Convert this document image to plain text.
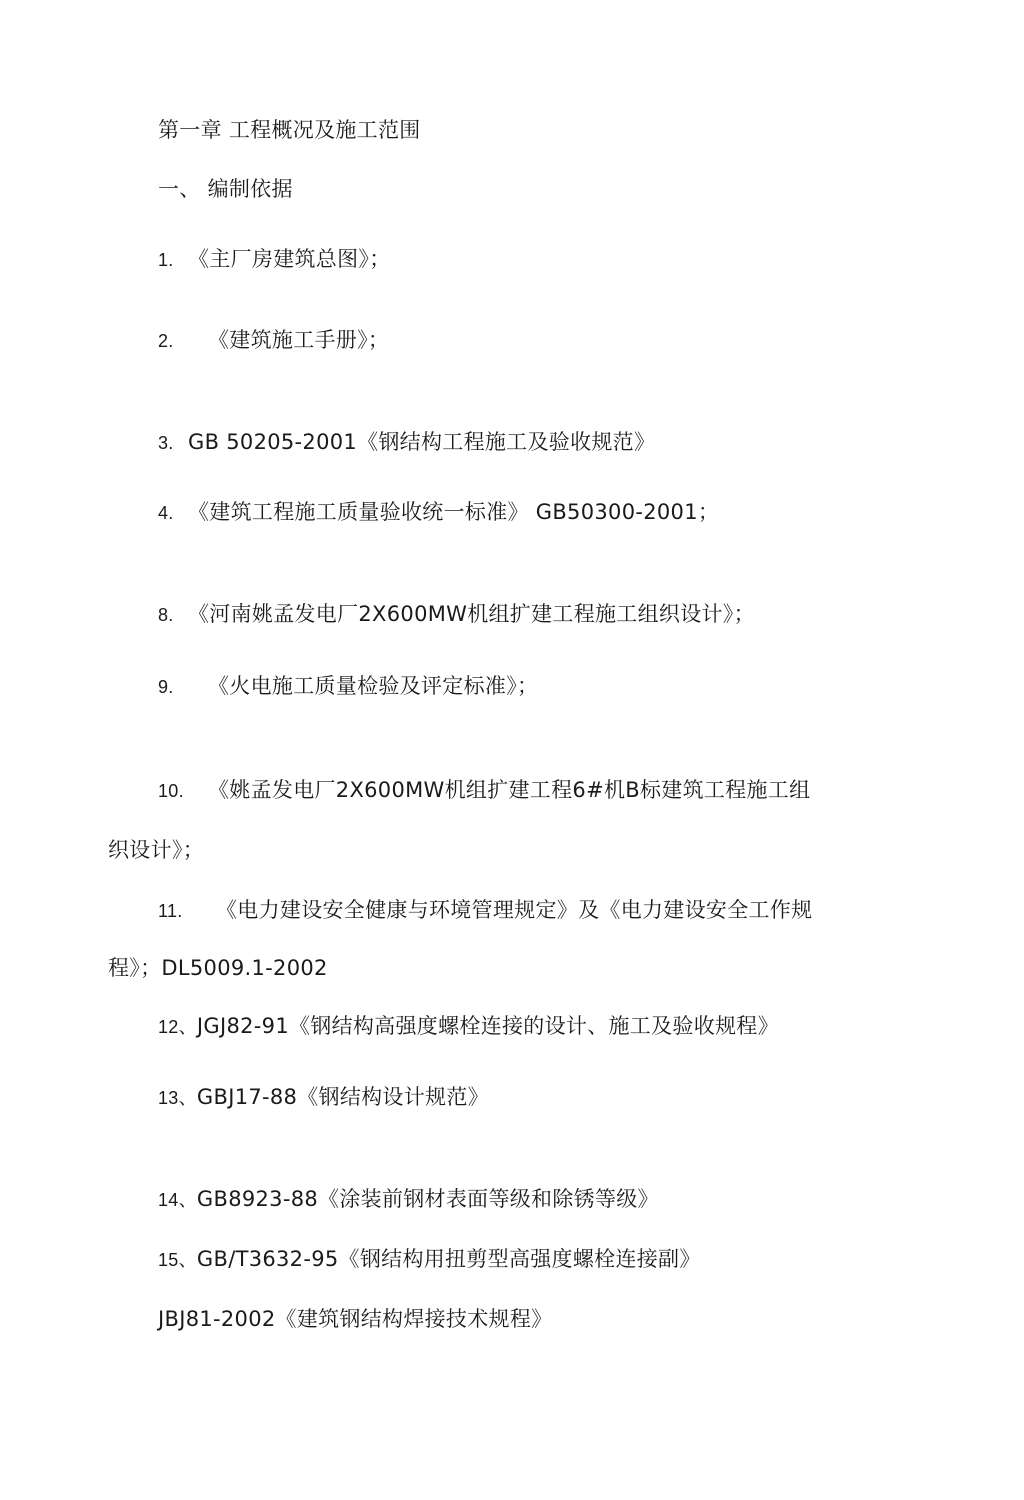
第一章 工程概况及施工范围
一、 编制依据
1. 《主厂房建筑总图》；
2. 《建筑施工手册》；
3. GB 50205-2001《钢结构工程施工及验收规范》
4. 《建筑工程施工质量验收统一标准》 GB50300-2001；
8. 《河南姚孟发电厂2X600MW机组扩建工程施工组织设计》；
9. 《火电施工质量检验及评定标准》；
10. 《姚孟发电厂2X600MW机组扩建工程6#机B标建筑工程施工组
织设计》；
11. 《电力建设安全健康与环境管理规定》及《电力建设安全工作规
程》；DL5009.1-2002
12、JGJ82-91《钢结构高强度螺栓连接的设计、施工及验收规程》
13、GBJ17-88《钢结构设计规范》
14、GB8923-88《涂装前钢材表面等级和除锈等级》
15、GB/T3632-95《钢结构用扭剪型高强度螺栓连接副》
JBJ81-2002《建筑钢结构焊接技术规程》
